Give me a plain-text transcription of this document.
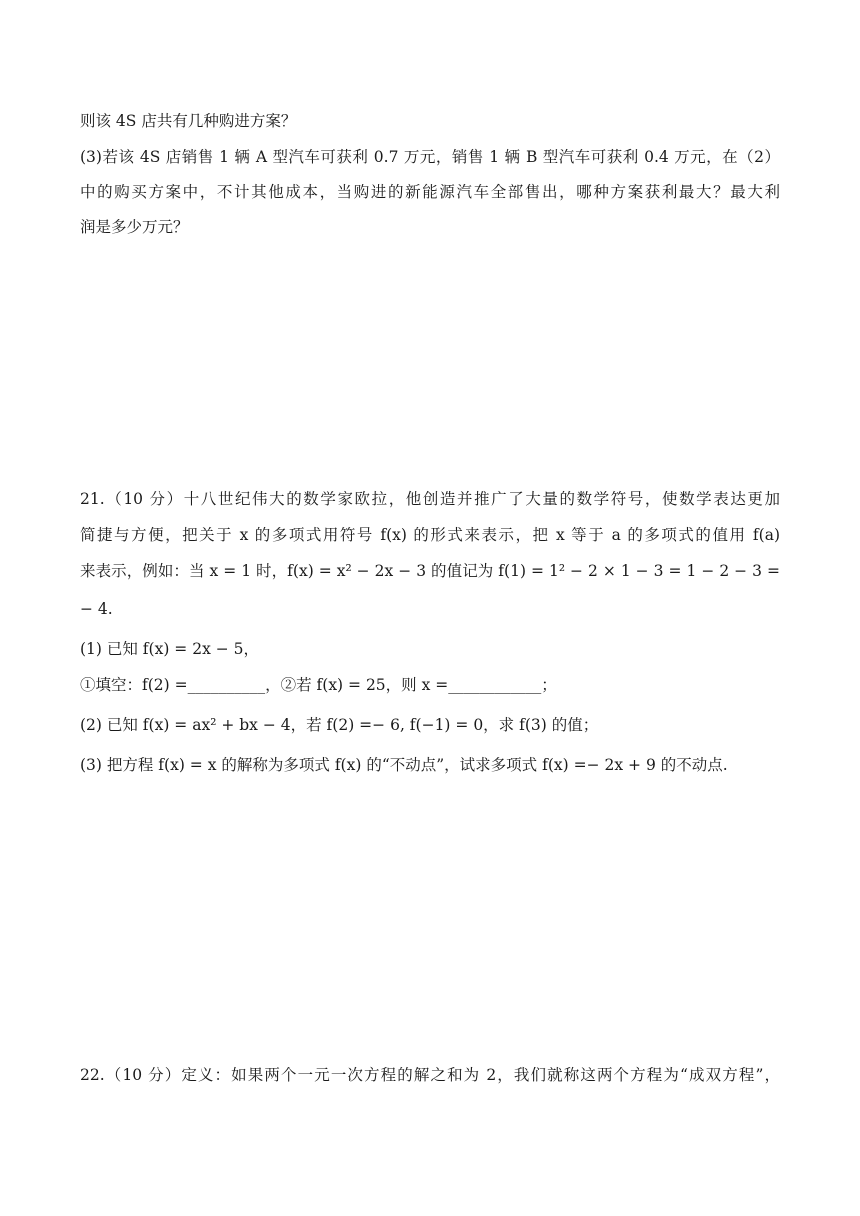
则该 4S 店共有几种购进方案？
(3)若该 4S 店销售 1 辆 A 型汽车可获利 0.7 万元，销售 1 辆 B 型汽车可获利 0.4 万元，在（2）
中的购买方案中，不计其他成本，当购进的新能源汽车全部售出，哪种方案获利最大？最大利
润是多少万元？
21.（10 分）十八世纪伟大的数学家欧拉，他创造并推广了大量的数学符号，使数学表达更加
简捷与方便，把关于 x 的多项式用符号 f(x) 的形式来表示，把 x 等于 a 的多项式的值用 f(a)
来表示，例如：当 x = 1 时，f(x) = x² − 2x − 3 的值记为 f(1) = 1² − 2 × 1 − 3 = 1 − 2 − 3 =
− 4.
(1) 已知 f(x) = 2x − 5，
①填空：f(2) =__________，②若 f(x) = 25，则 x =____________；
(2) 已知 f(x) = ax² + bx − 4，若 f(2) =− 6, f(−1) = 0，求 f(3) 的值；
(3) 把方程 f(x) = x 的解称为多项式 f(x) 的“不动点”，试求多项式 f(x) =− 2x + 9 的不动点.
22.（10 分）定义：如果两个一元一次方程的解之和为 2，我们就称这两个方程为“成双方程”，
